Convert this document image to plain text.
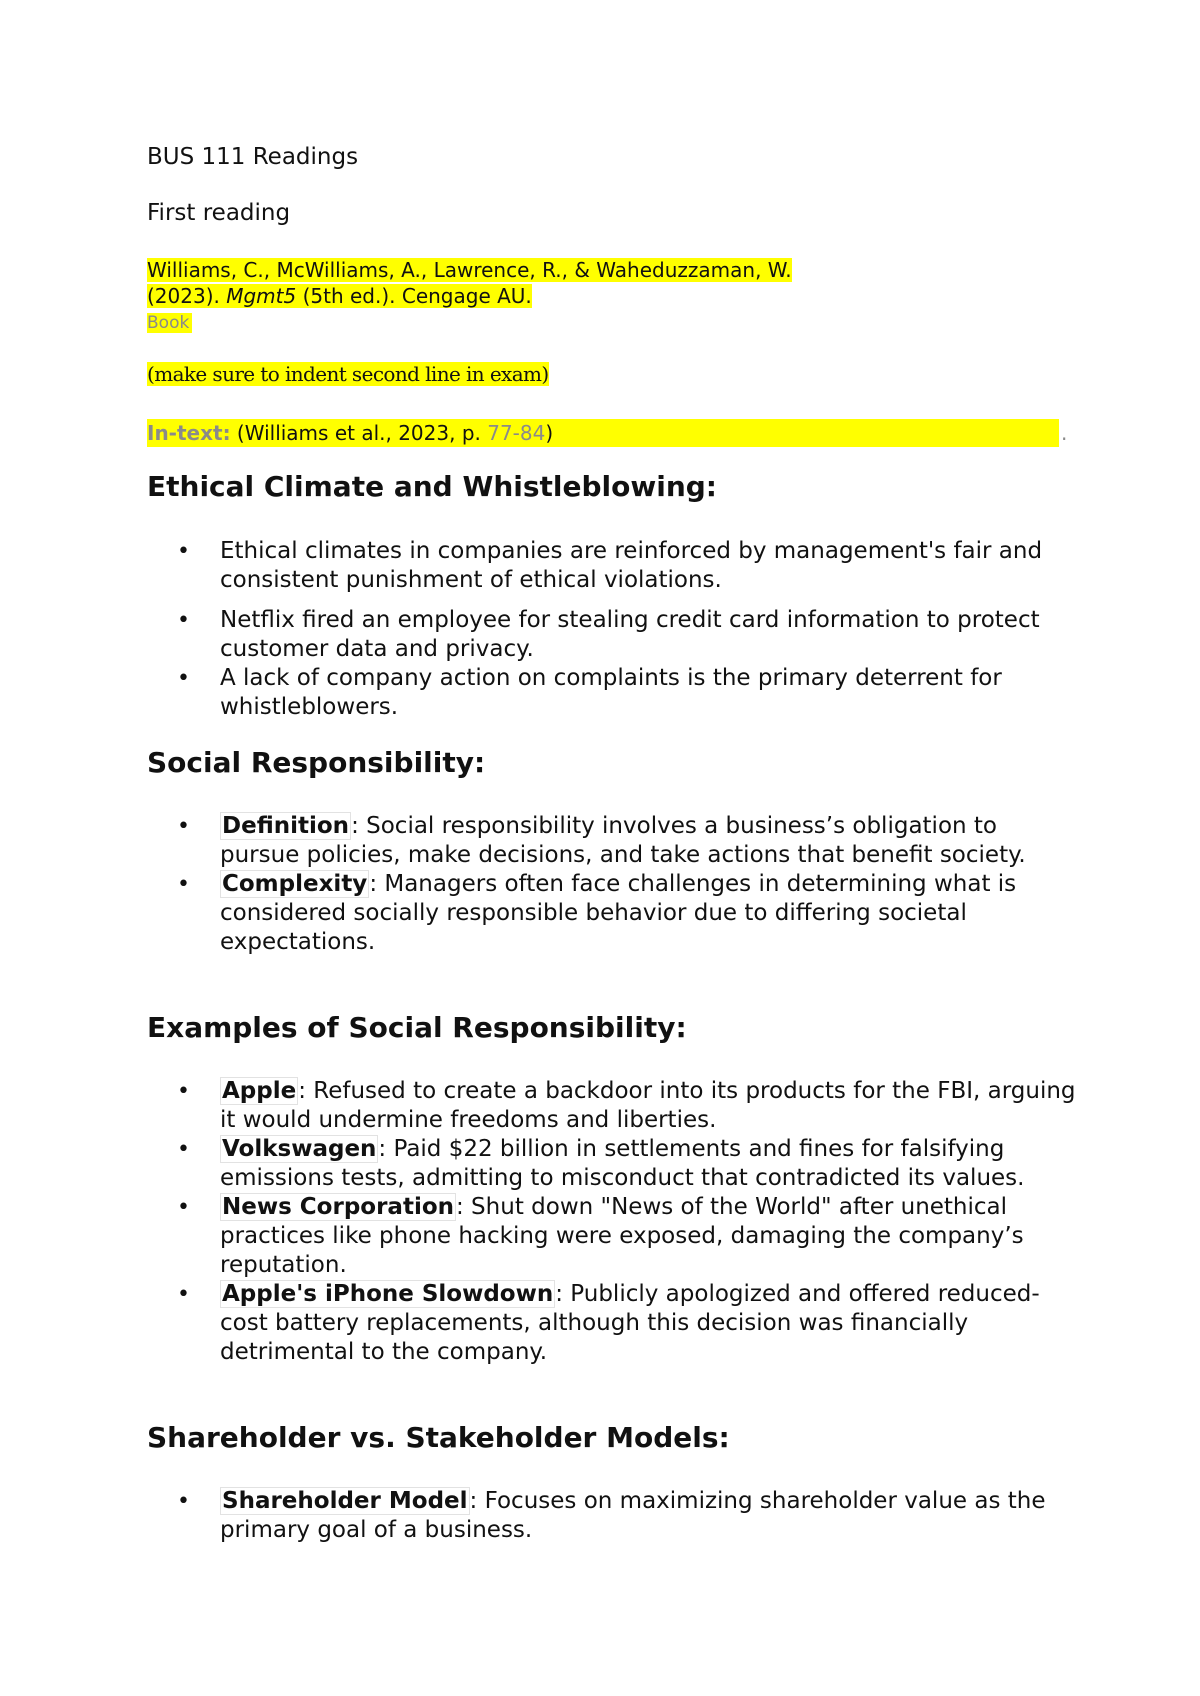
BUS 111 Readings
First reading
Williams, C., McWilliams, A., Lawrence, R., & Waheduzzaman, W.
(2023). Mgmt5 (5th ed.). Cengage AU.
Book
(make sure to indent second line in exam)
In-text: (Williams et al., 2023, p. 77-84)	.
Ethical Climate and Whistleblowing:
• Ethical climates in companies are reinforced by management's fair and consistent punishment of ethical violations.
• Netflix fired an employee for stealing credit card information to protect customer data and privacy.
• A lack of company action on complaints is the primary deterrent for whistleblowers.
Social Responsibility:
• Definition: Social responsibility involves a business’s obligation to pursue policies, make decisions, and take actions that benefit society.
• Complexity: Managers often face challenges in determining what is considered socially responsible behavior due to differing societal expectations.
Examples of Social Responsibility:
• Apple: Refused to create a backdoor into its products for the FBI, arguing it would undermine freedoms and liberties.
• Volkswagen: Paid $22 billion in settlements and fines for falsifying emissions tests, admitting to misconduct that contradicted its values.
• News Corporation: Shut down "News of the World" after unethical practices like phone hacking were exposed, damaging the company’s reputation.
• Apple's iPhone Slowdown: Publicly apologized and offered reduced-cost battery replacements, although this decision was financially detrimental to the company.
Shareholder vs. Stakeholder Models:
• Shareholder Model: Focuses on maximizing shareholder value as the primary goal of a business.
